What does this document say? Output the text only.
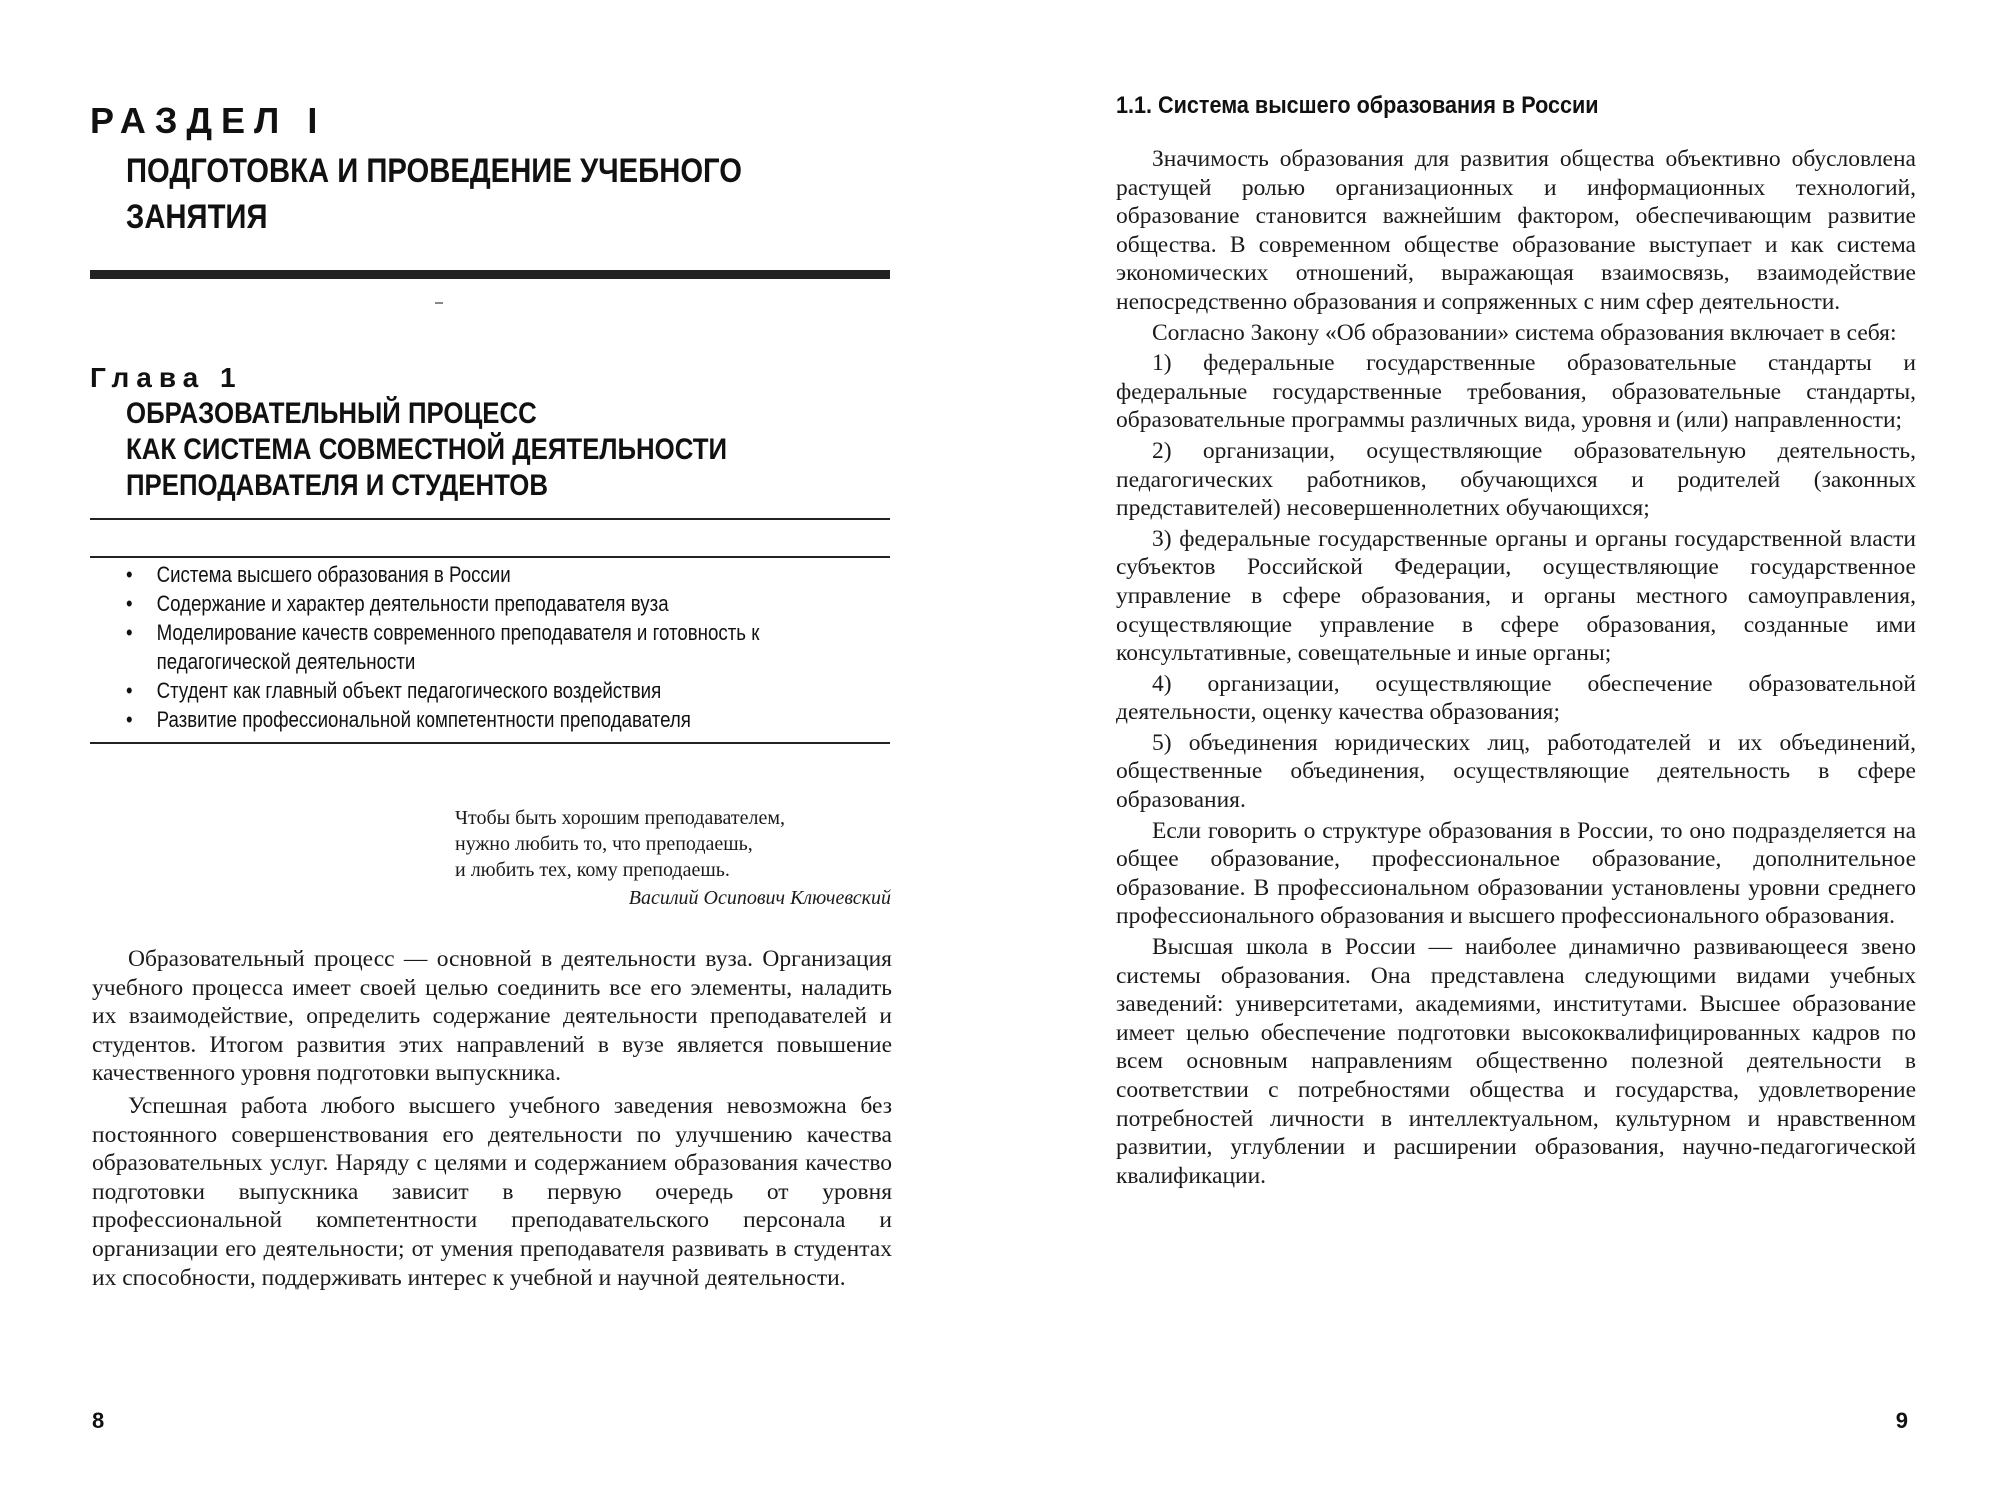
РАЗДЕЛ I
ПОДГОТОВКА И ПРОВЕДЕНИЕ УЧЕБНОГО
ЗАНЯТИЯ
Глава 1
ОБРАЗОВАТЕЛЬНЫЙ ПРОЦЕСС
КАК СИСТЕМА СОВМЕСТНОЙ ДЕЯТЕЛЬНОСТИ
ПРЕПОДАВАТЕЛЯ И СТУДЕНТОВ
• Система высшего образования в России
• Содержание и характер деятельности преподавателя вуза
• Моделирование качеств современного преподавателя и готовность к педагогической деятельности
• Студент как главный объект педагогического воздействия
• Развитие профессиональной компетентности преподавателя
Чтобы быть хорошим преподавателем,
нужно любить то, что преподаешь,
и любить тех, кому преподаешь.
Василий Осипович Ключевский

Образовательный процесс — основной в деятельности вуза. Организация учебного процесса имеет своей целью соединить все его элементы, наладить их взаимодействие, определить содержание деятельности преподавателей и студентов. Итогом развития этих направлений в вузе является повышение качественного уровня подготовки выпускника.

Успешная работа любого высшего учебного заведения невозможна без постоянного совершенствования его деятельности по улучшению качества образовательных услуг. Наряду с целями и содержанием образования качество подготовки выпускника зависит в первую очередь от уровня профессиональной компетентности преподавательского персонала и организации его деятельности; от умения преподавателя развивать в студентах их способности, поддерживать интерес к учебной и научной деятельности.

8
1.1. Система высшего образования в России

Значимость образования для развития общества объективно обусловлена растущей ролью организационных и информационных технологий, образование становится важнейшим фактором, обеспечивающим развитие общества. В современном обществе образование выступает и как система экономических отношений, выражающая взаимосвязь, взаимодействие непосредственно образования и сопряженных с ним сфер деятельности.

Согласно Закону «Об образовании» система образования включает в себя:

1) федеральные государственные образовательные стандарты и федеральные государственные требования, образовательные стандарты, образовательные программы различных вида, уровня и (или) направленности;

2) организации, осуществляющие образовательную деятельность, педагогических работников, обучающихся и родителей (законных представителей) несовершеннолетних обучающихся;

3) федеральные государственные органы и органы государственной власти субъектов Российской Федерации, осуществляющие государственное управление в сфере образования, и органы местного самоуправления, осуществляющие управление в сфере образования, созданные ими консультативные, совещательные и иные органы;

4) организации, осуществляющие обеспечение образовательной деятельности, оценку качества образования;

5) объединения юридических лиц, работодателей и их объединений, общественные объединения, осуществляющие деятельность в сфере образования.

Если говорить о структуре образования в России, то оно подразделяется на общее образование, профессиональное образование, дополнительное образование. В профессиональном образовании установлены уровни среднего профессионального образования и высшего профессионального образования.

Высшая школа в России — наиболее динамично развивающееся звено системы образования. Она представлена следующими видами учебных заведений: университетами, академиями, институтами. Высшее образование имеет целью обеспечение подготовки высококвалифицированных кадров по всем основным направлениям общественно полезной деятельности в соответствии с потребностями общества и государства, удовлетворение потребностей личности в интеллектуальном, культурном и нравственном развитии, углублении и расширении образования, научно-педагогической квалификации.

9
